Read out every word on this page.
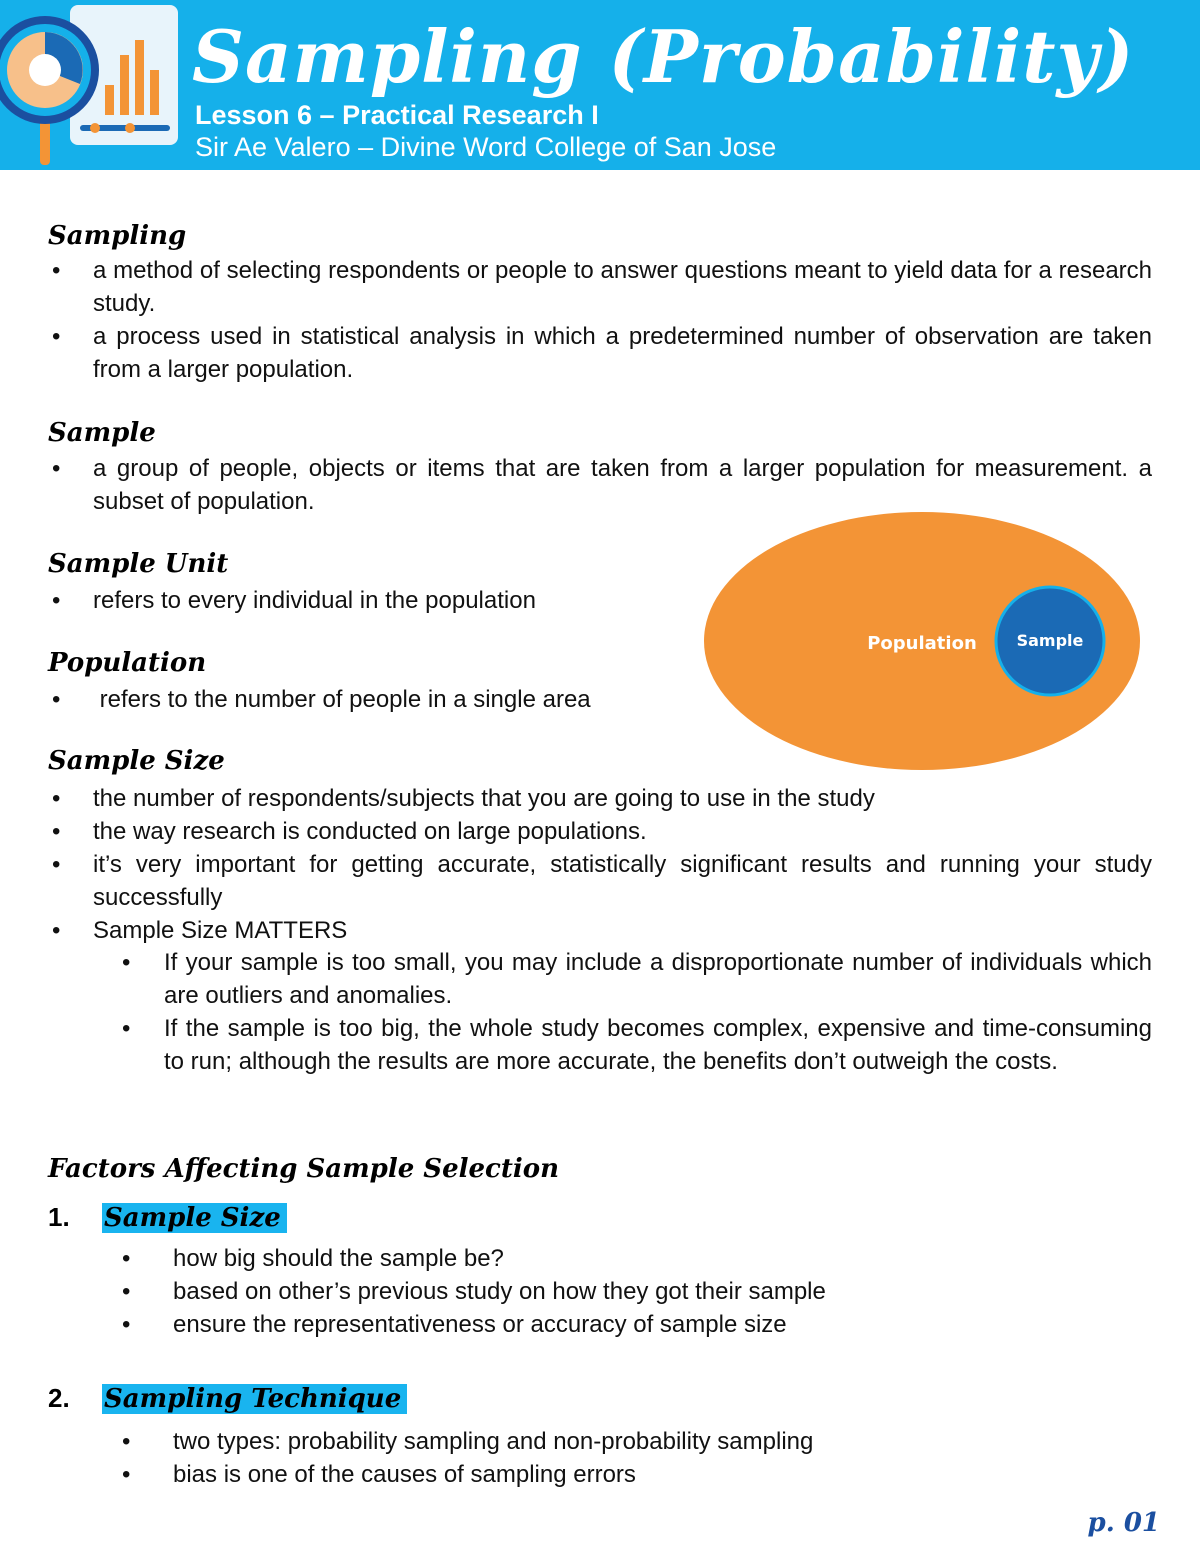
Sampling (Probability)
Lesson 6 – Practical Research I
Sir Ae Valero – Divine Word College of San Jose
Sampling
• a method of selecting respondents or people to answer questions meant to yield data for a research study.
• a process used in statistical analysis in which a predetermined number of observation are taken from a larger population.
Sample
• a group of people, objects or items that are taken from a larger population for measurement. a subset of population.
Sample Unit
• refers to every individual in the population
Population
•  refers to the number of people in a single area
Population Sample
Sample Size
• the number of respondents/subjects that you are going to use in the study
• the way research is conducted on large populations.
• it’s very important for getting accurate, statistically significant results and running your study successfully
• Sample Size MATTERS
• If your sample is too small, you may include a disproportionate number of individuals which are outliers and anomalies.
• If the sample is too big, the whole study becomes complex, expensive and time-consuming to run; although the results are more accurate, the benefits don’t outweigh the costs.
Factors Affecting Sample Selection
1. Sample Size
• how big should the sample be?
• based on other’s previous study on how they got their sample
• ensure the representativeness or accuracy of sample size
2. Sampling Technique
• two types: probability sampling and non-probability sampling
• bias is one of the causes of sampling errors
p. 01
